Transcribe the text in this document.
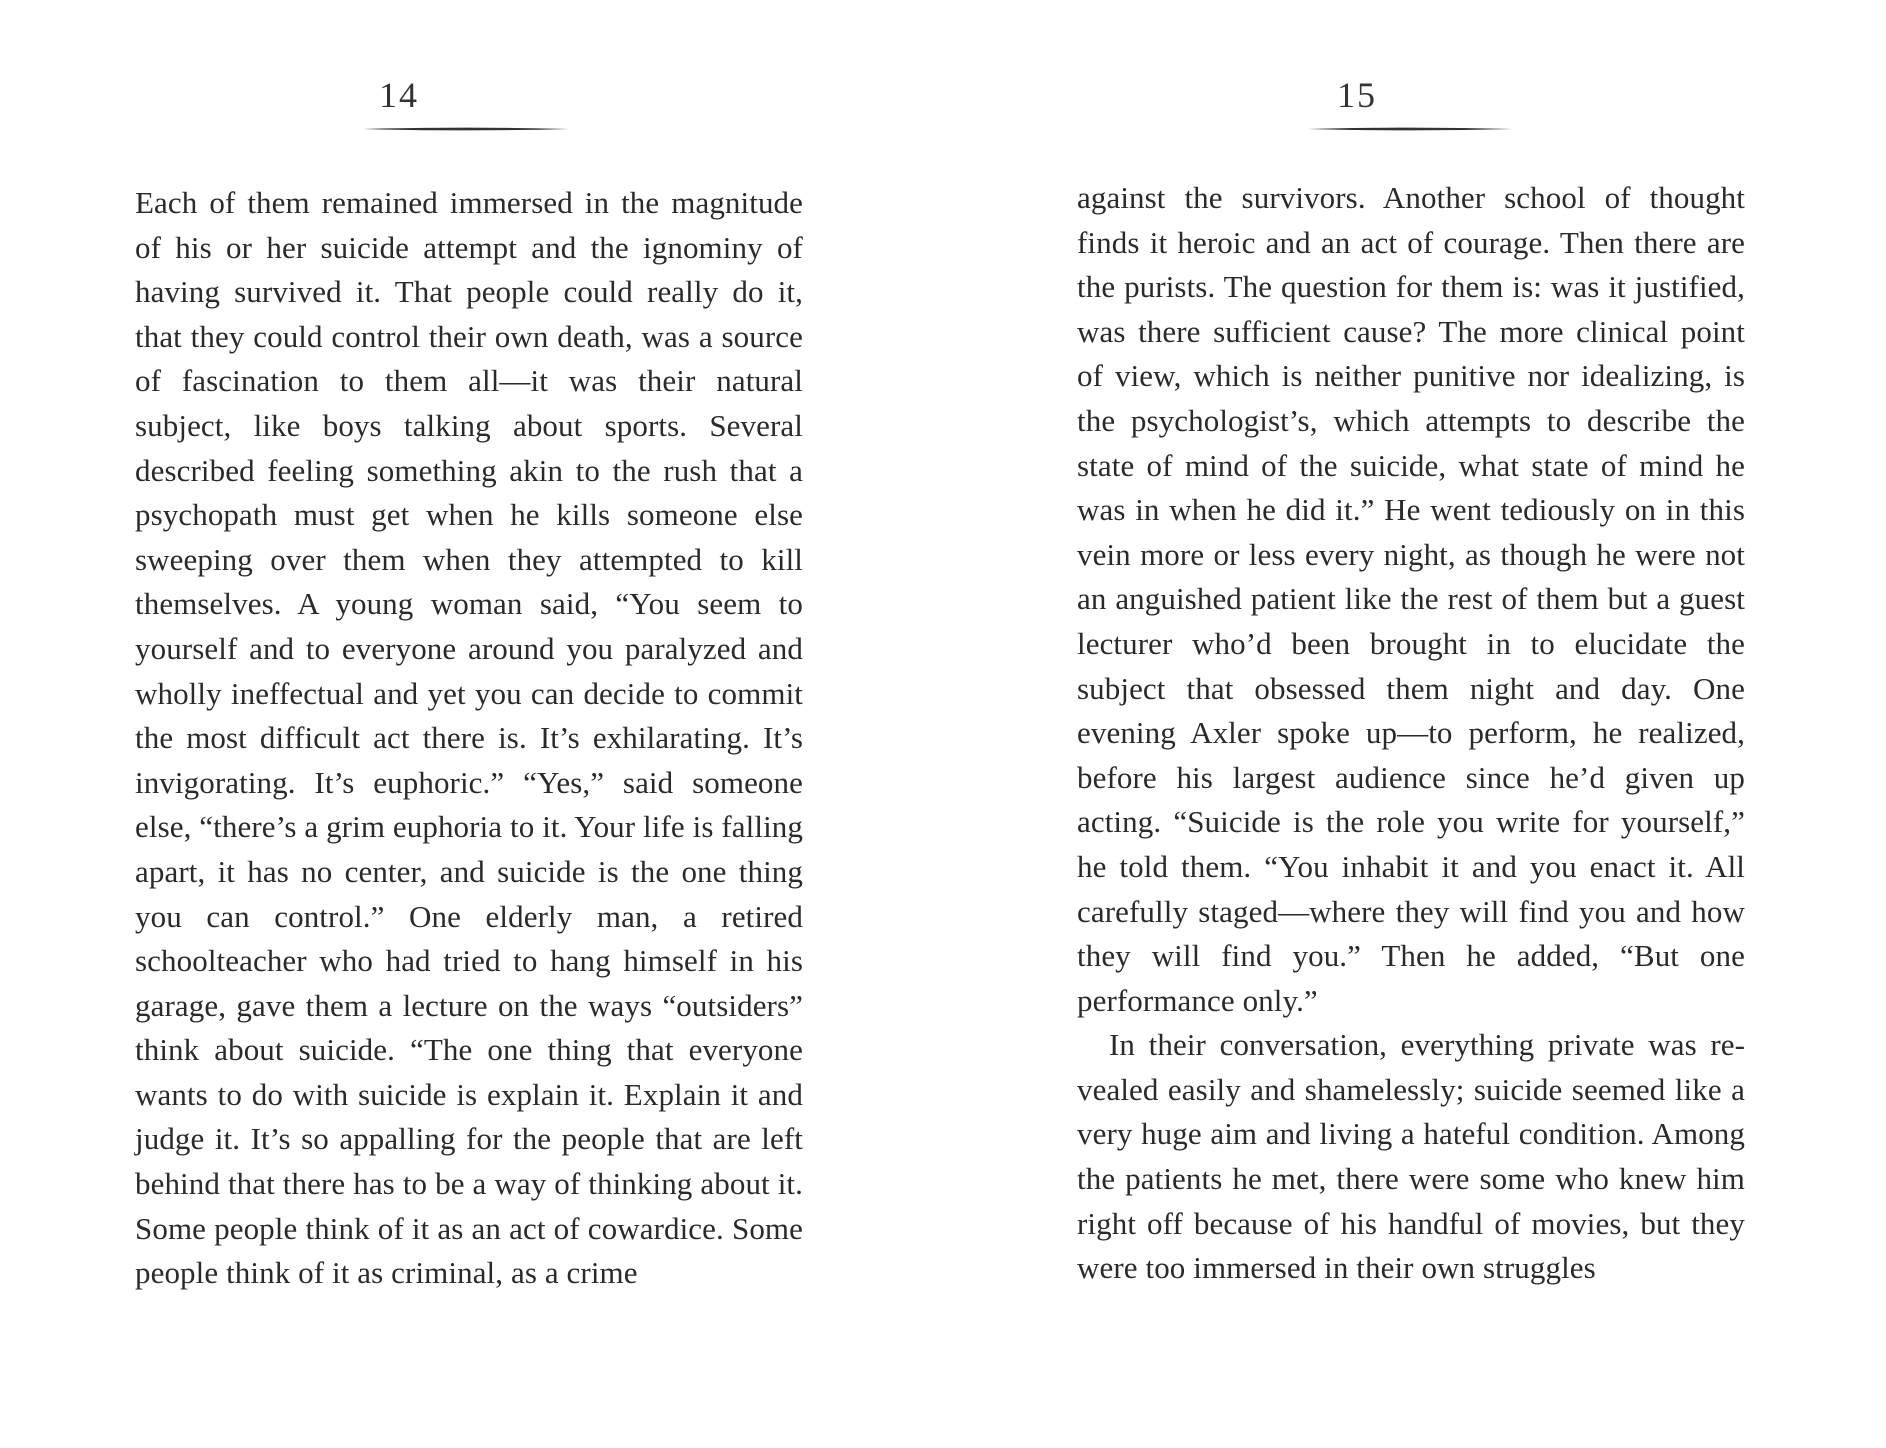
14

Each of them remained immersed in the magnitude of his or her suicide attempt and the ignominy of having survived it. That people could really do it, that they could control their own death, was a source of fascination to them all—it was their natural subject, like boys talking about sports. Several described feeling something akin to the rush that a psychopath must get when he kills someone else sweeping over them when they attempted to kill themselves. A young woman said, “You seem to yourself and to everyone around you paralyzed and wholly ineffectual and yet you can decide to commit the most difficult act there is. It’s exhilarating. It’s invigorating. It’s euphoric.” “Yes,” said someone else, “there’s a grim euphoria to it. Your life is falling apart, it has no center, and suicide is the one thing you can control.” One elderly man, a retired schoolteacher who had tried to hang himself in his garage, gave them a lecture on the ways “outsiders” think about suicide. “The one thing that everyone wants to do with suicide is explain it. Explain it and judge it. It’s so appalling for the people that are left behind that there has to be a way of thinking about it. Some people think of it as an act of cowardice. Some people think of it as criminal, as a crime

15

against the survivors. Another school of thought finds it heroic and an act of courage. Then there are the purists. The question for them is: was it justified, was there sufficient cause? The more clinical point of view, which is neither punitive nor idealizing, is the psychologist’s, which attempts to describe the state of mind of the suicide, what state of mind he was in when he did it.” He went tediously on in this vein more or less every night, as though he were not an anguished patient like the rest of them but a guest lecturer who’d been brought in to elucidate the subject that obsessed them night and day. One evening Axler spoke up—to perform, he realized, before his largest audience since he’d given up acting. “Suicide is the role you write for yourself,” he told them. “You inhabit it and you enact it. All carefully staged—where they will find you and how they will find you.” Then he added, “But one performance only.”

In their conversation, everything private was revealed easily and shamelessly; suicide seemed like a very huge aim and living a hateful condition. Among the patients he met, there were some who knew him right off because of his handful of movies, but they were too immersed in their own struggles
